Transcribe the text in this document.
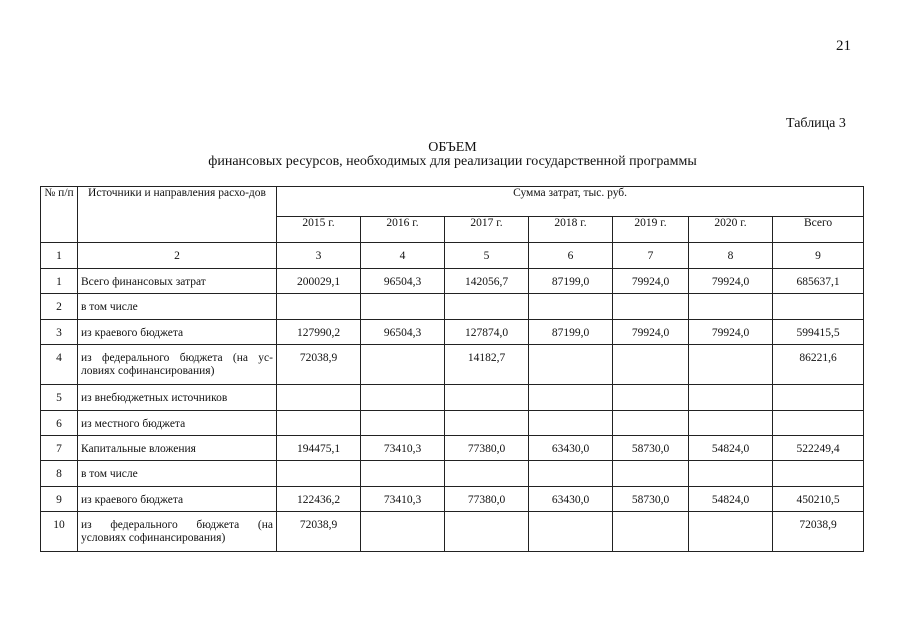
21
Таблица 3
ОБЪЕМ
финансовых ресурсов, необходимых для реализации государственной программы
№ п/п	Источники и направления расхо-дов	Сумма затрат, тыс. руб.						
		2015 г.	2016 г.	2017 г.	2018 г.	2019 г.	2020 г.	Всего
1	2	3	4	5	6	7	8	9
1	Всего финансовых затрат	200029,1	96504,3	142056,7	87199,0	79924,0	79924,0	685637,1
2	в том числе							
3	из краевого бюджета	127990,2	96504,3	127874,0	87199,0	79924,0	79924,0	599415,5
4	из федерального бюджета (на ус-ловиях софинансирования)	72038,9		14182,7				86221,6
5	из внебюджетных источников							
6	из местного бюджета							
7	Капитальные вложения	194475,1	73410,3	77380,0	63430,0	58730,0	54824,0	522249,4
8	в том числе							
9	из краевого бюджета	122436,2	73410,3	77380,0	63430,0	58730,0	54824,0	450210,5
10	из федерального бюджета (на условиях софинансирования)	72038,9						72038,9
